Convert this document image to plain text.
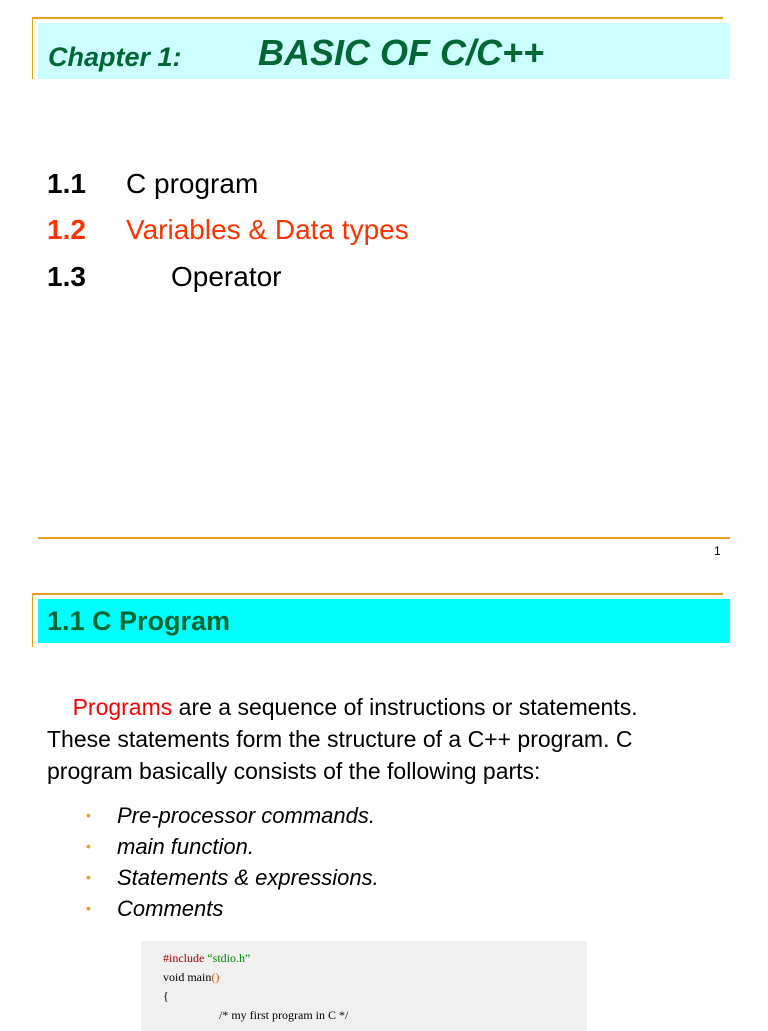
Chapter 1: BASIC OF C/C++
1.1 C program
1.2 Variables & Data types
1.3	Operator
1
1.1 C Program
Programs are a sequence of instructions or statements.
These statements form the structure of a C++ program. C
program basically consists of the following parts:
• Pre-processor commands.
• main function.
• Statements & expressions.
• Comments
#include “stdio.h”
void main()
{
/* my first program in C */
